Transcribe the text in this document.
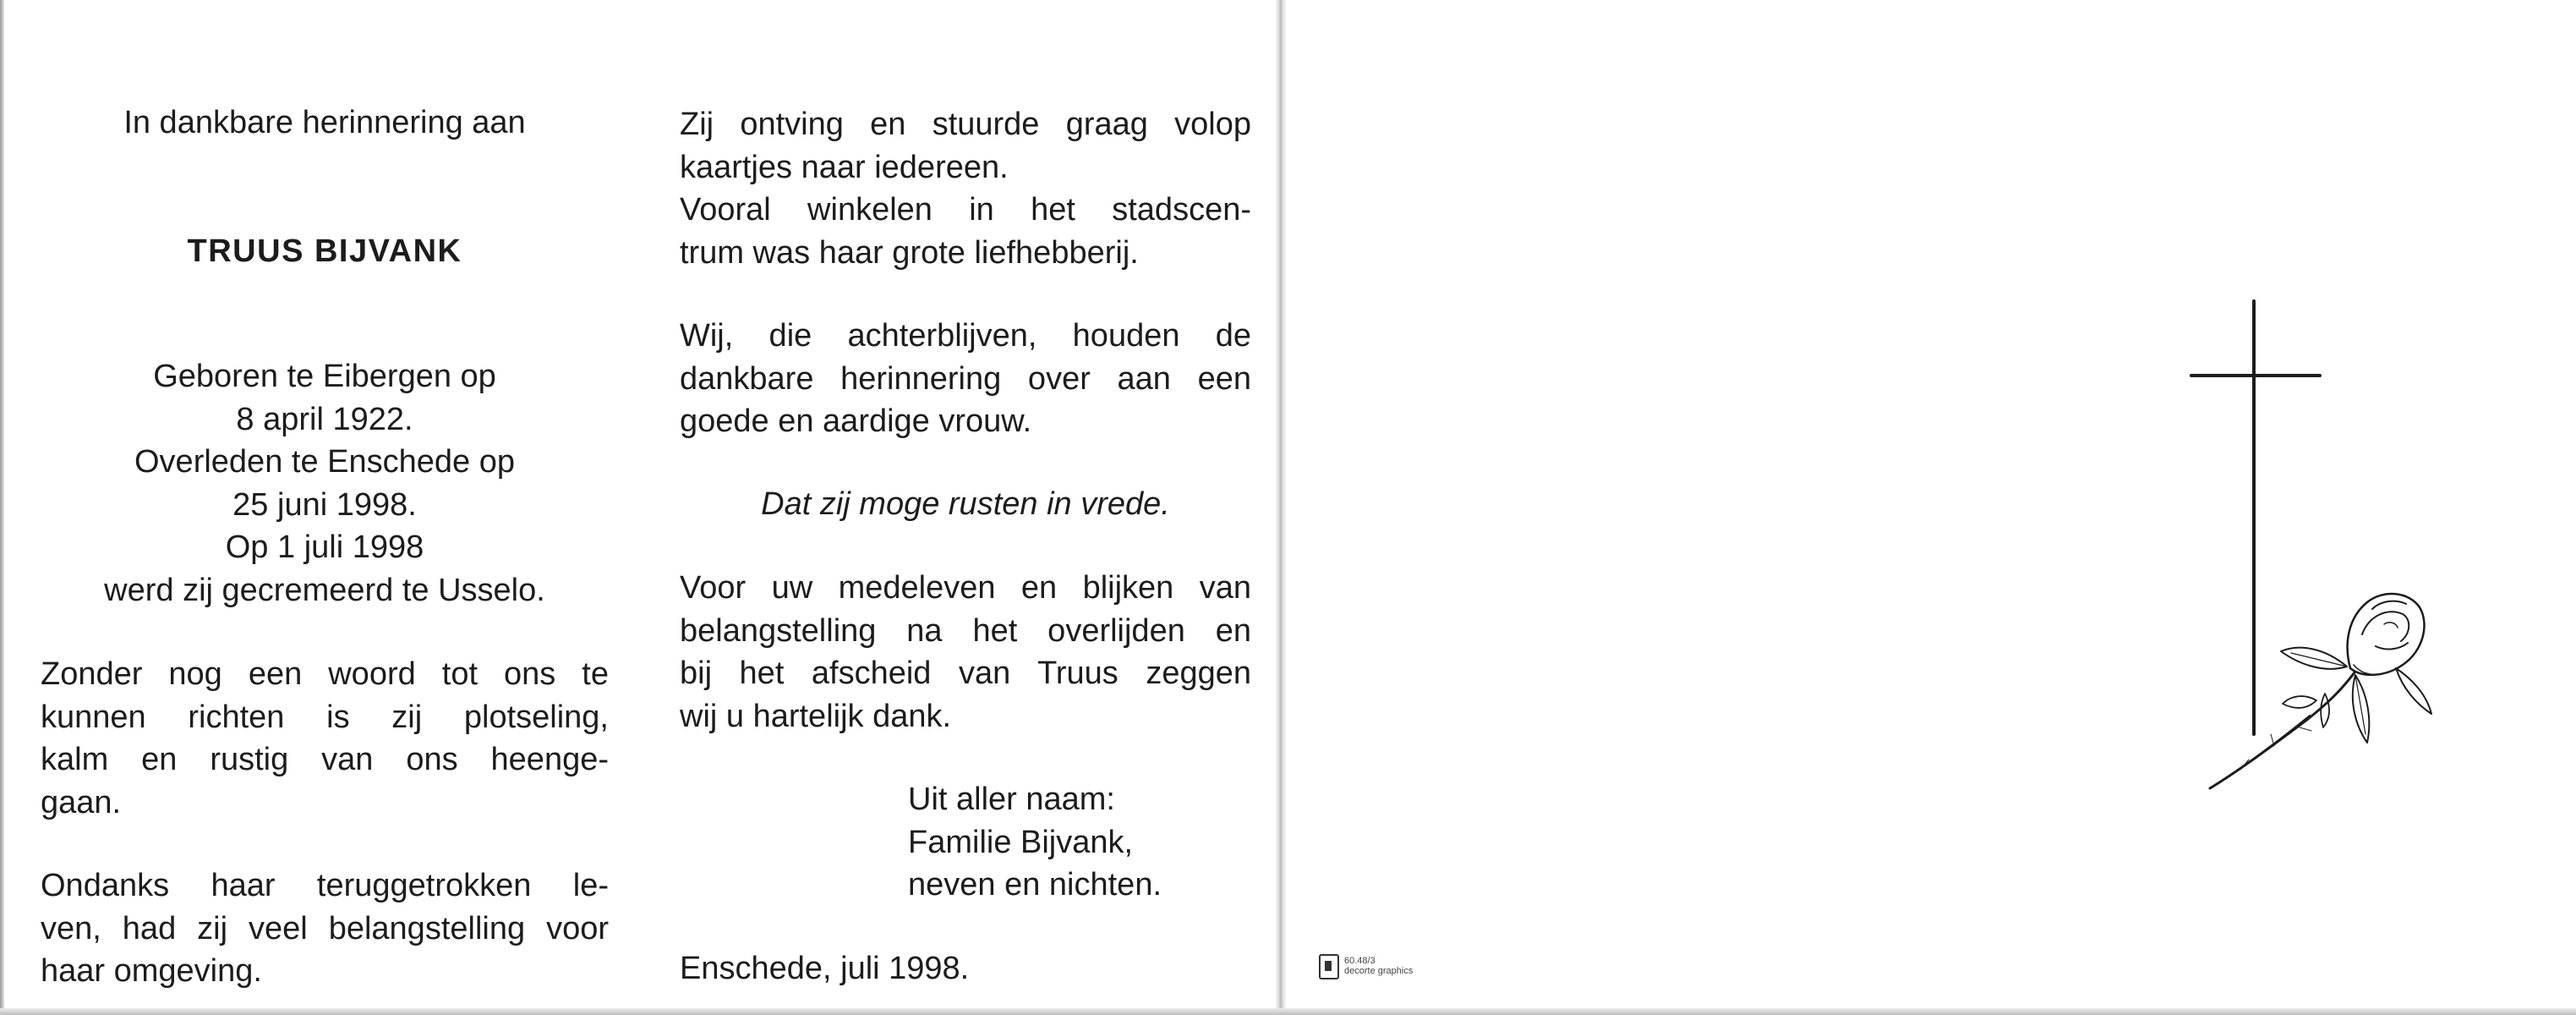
In dankbare herinnering aan
TRUUS BIJVANK
Geboren te Eibergen op
8 april 1922.
Overleden te Enschede op
25 juni 1998.
Op 1 juli 1998
werd zij gecremeerd te Usselo.
Zonder nog een woord tot ons te
kunnen richten is zij plotseling,
kalm en rustig van ons heenge-
gaan.
Ondanks haar teruggetrokken le-
ven, had zij veel belangstelling voor
haar omgeving.
Zij ontving en stuurde graag volop
kaartjes naar iedereen.
Vooral winkelen in het stadscen-
trum was haar grote liefhebberij.
Wij, die achterblijven, houden de
dankbare herinnering over aan een
goede en aardige vrouw.
Dat zij moge rusten in vrede.
Voor uw medeleven en blijken van
belangstelling na het overlijden en
bij het afscheid van Truus zeggen
wij u hartelijk dank.
Uit aller naam:
Familie Bijvank,
neven en nichten.
Enschede, juli 1998.	60.48/3
decorte graphics
